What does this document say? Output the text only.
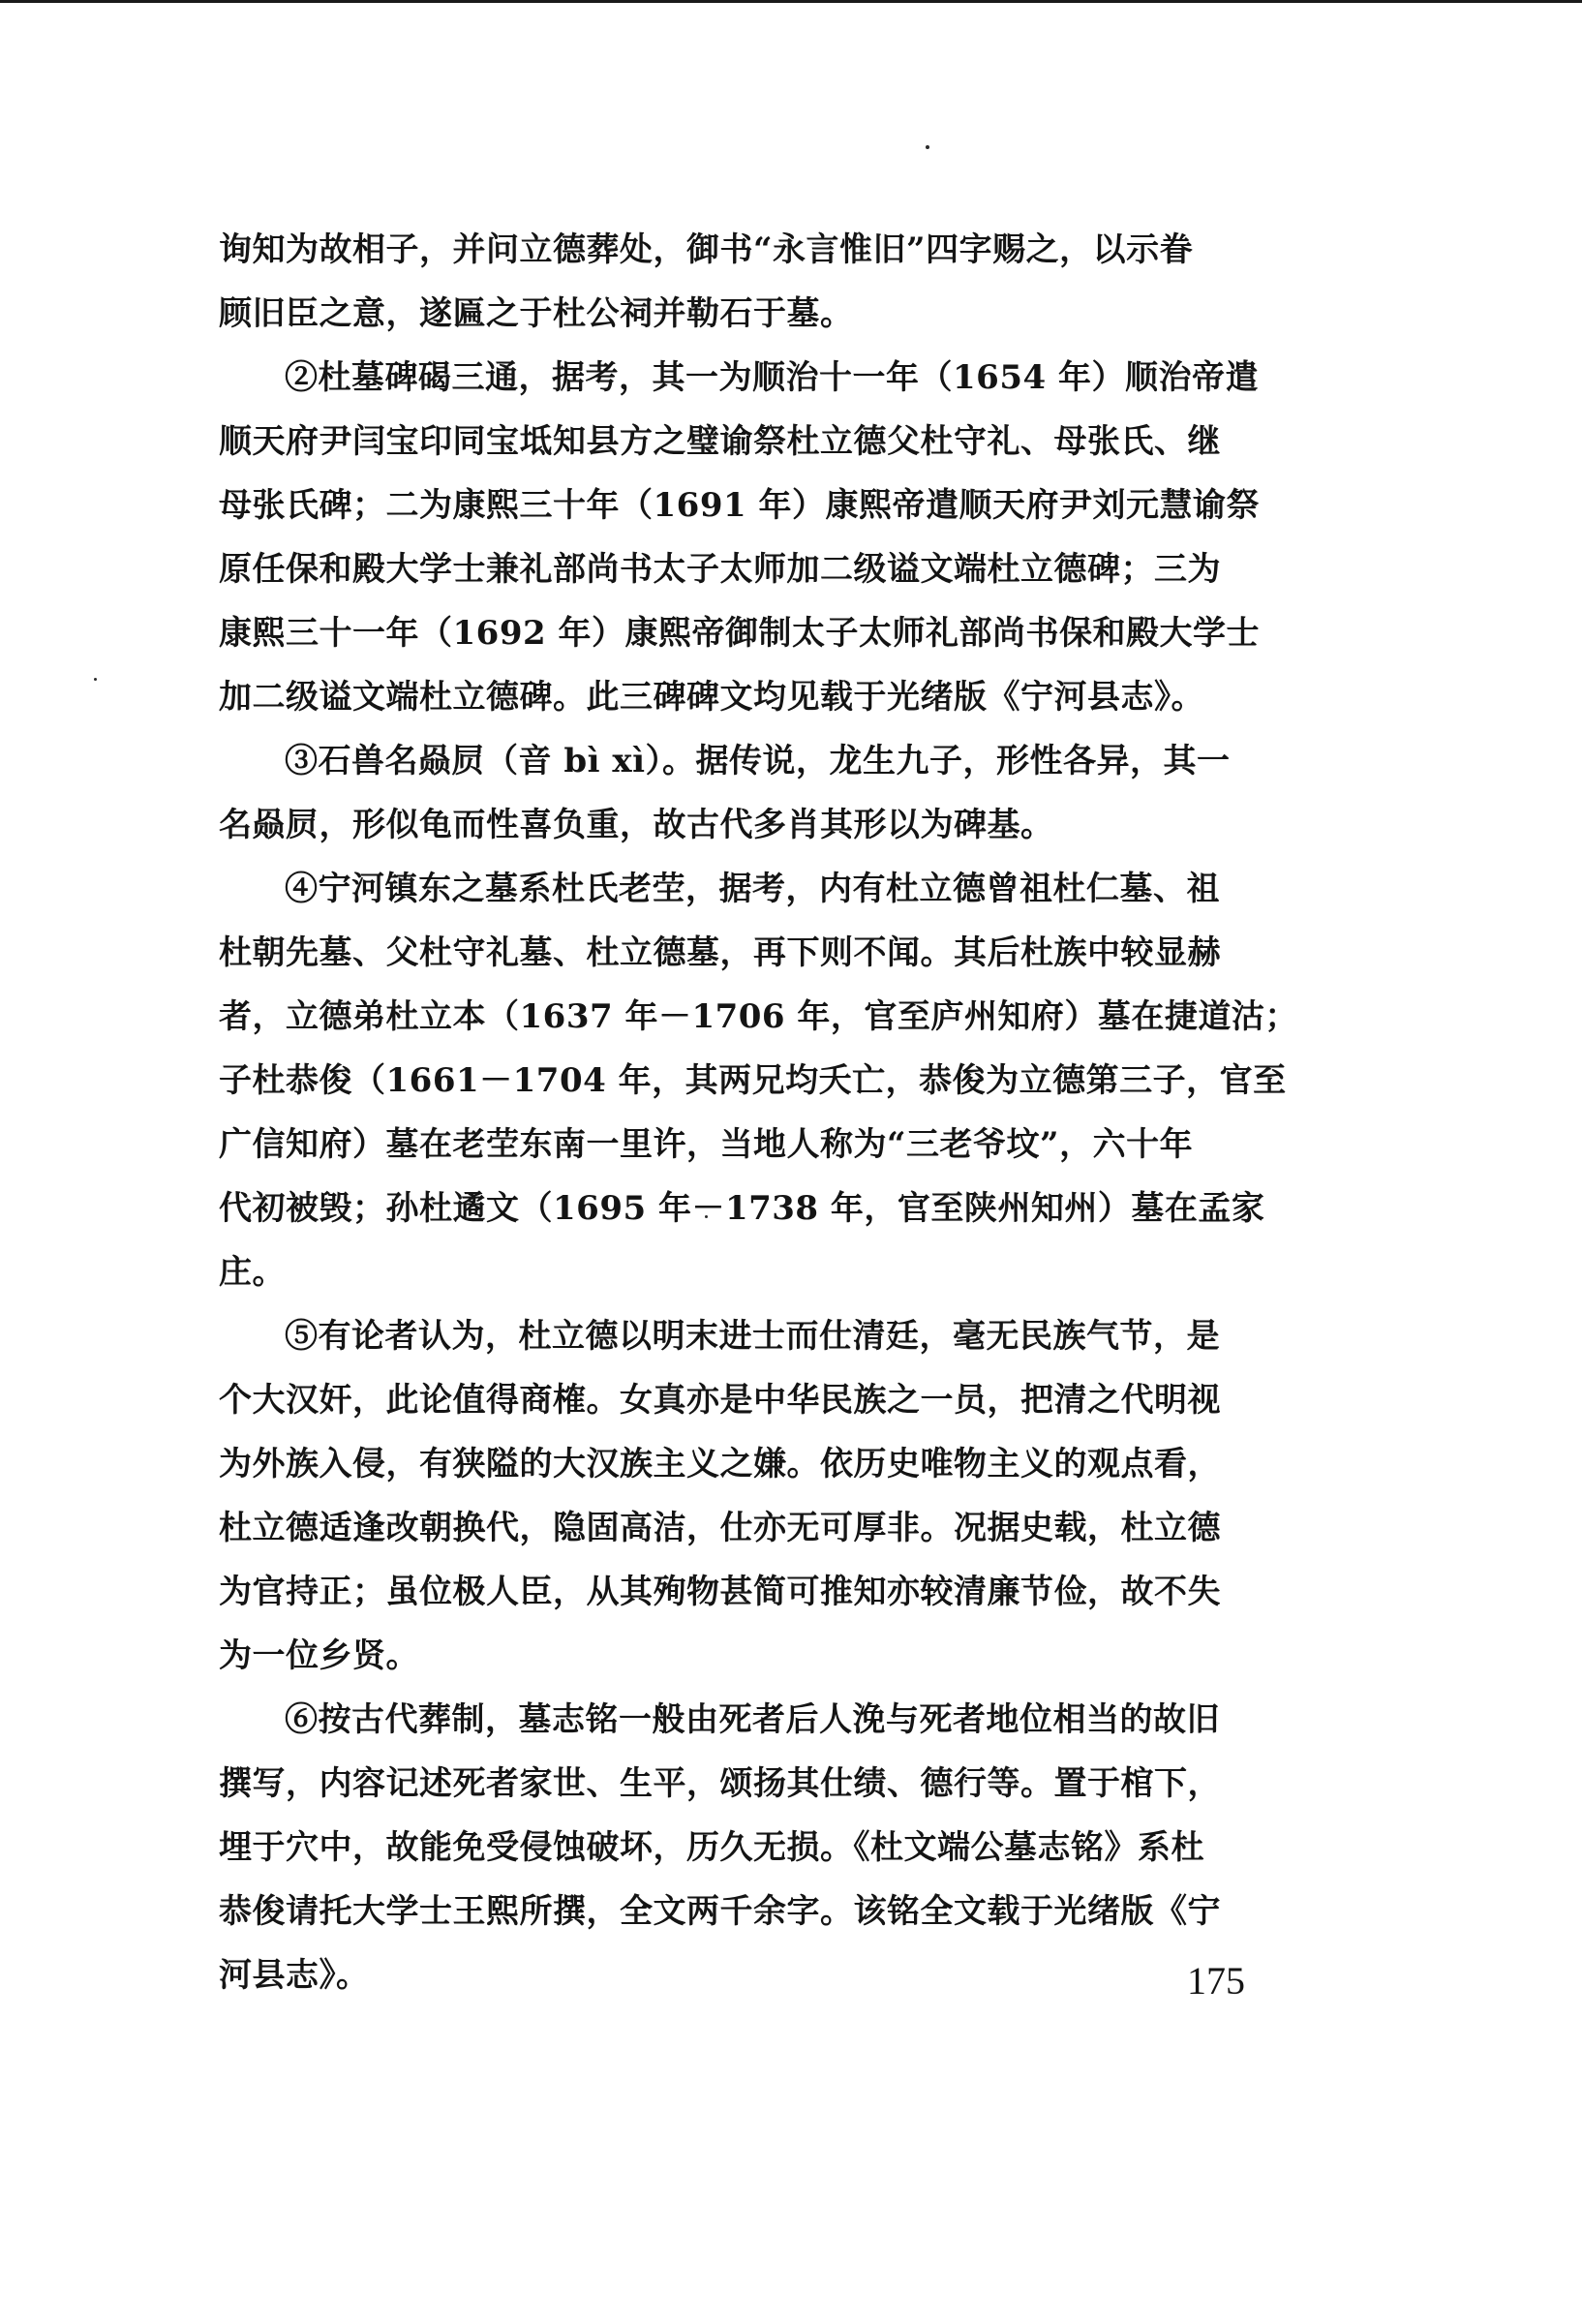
询知为故相子，并问立德葬处，御书“永言惟旧”四字赐之，以示眷
顾旧臣之意，遂匾之于杜公祠并勒石于墓。
②杜墓碑碣三通，据考，其一为顺治十一年（1654 年）顺治帝遣
顺天府尹闫宝印同宝坻知县方之璧谕祭杜立德父杜守礼、母张氏、继
母张氏碑；二为康熙三十年（1691 年）康熙帝遣顺天府尹刘元慧谕祭
原任保和殿大学士兼礼部尚书太子太师加二级谥文端杜立德碑；三为
康熙三十一年（1692 年）康熙帝御制太子太师礼部尚书保和殿大学士
加二级谥文端杜立德碑。此三碑碑文均见载于光绪版《宁河县志》。
③石兽名赑屃（音 bì xì）。据传说，龙生九子，形性各异，其一
名赑屃，形似龟而性喜负重，故古代多肖其形以为碑基。
④宁河镇东之墓系杜氏老茔，据考，内有杜立德曾祖杜仁墓、祖
杜朝先墓、父杜守礼墓、杜立德墓，再下则不闻。其后杜族中较显赫
者，立德弟杜立本（1637 年－1706 年，官至庐州知府）墓在捷道沽；
子杜恭俊（1661－1704 年，其两兄均夭亡，恭俊为立德第三子，官至
广信知府）墓在老茔东南一里许，当地人称为“三老爷坟”，六十年
代初被毁；孙杜遹文（1695 年－1738 年，官至陕州知州）墓在孟家
庄。
⑤有论者认为，杜立德以明末进士而仕清廷，毫无民族气节，是
个大汉奸，此论值得商榷。女真亦是中华民族之一员，把清之代明视
为外族入侵，有狭隘的大汉族主义之嫌。依历史唯物主义的观点看，
杜立德适逢改朝换代，隐固高洁，仕亦无可厚非。况据史载，杜立德
为官持正；虽位极人臣，从其殉物甚简可推知亦较清廉节俭，故不失
为一位乡贤。
⑥按古代葬制，墓志铭一般由死者后人浼与死者地位相当的故旧
撰写，内容记述死者家世、生平，颂扬其仕绩、德行等。置于棺下，
埋于穴中，故能免受侵蚀破坏，历久无损。《杜文端公墓志铭》系杜
恭俊请托大学士王熙所撰，全文两千余字。该铭全文载于光绪版《宁
河县志》。	175
